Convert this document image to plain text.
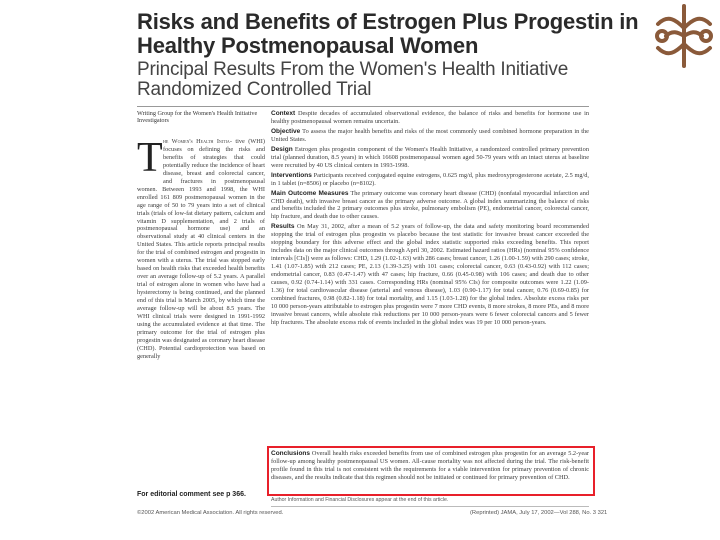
Risks and Benefits of Estrogen Plus Progestin in Healthy Postmenopausal Women
Principal Results From the Women's Health Initiative Randomized Controlled Trial
Writing Group for the Women's Health Initiative Investigators
T he Women's Health Initia- tive (WHI) focuses on defining the risks and benefits of strategies that could potentially reduce the incidence of heart disease, breast and colorectal cancer, and fractures in postmenopausal women. Between 1993 and 1998, the WHI enrolled 161 809 postmenopausal women in the age range of 50 to 79 years into a set of clinical trials (trials of low-fat dietary pattern, calcium and vitamin D supplementation, and 2 trials of postmenopausal hormone use) and an observational study at 40 clinical centers in the United States. This article reports principal results for the trial of combined estrogen and progestin in women with a uterus. The trial was stopped early based on health risks that exceeded health benefits over an average follow-up of 5.2 years. A parallel trial of estrogen alone in women who have had a hysterectomy is being continued, and the planned end of this trial is March 2005, by which time the average follow-up will be about 8.5 years. The WHI clinical trials were designed in 1991-1992 using the accumulated evidence at that time. The primary outcome for the trial of estrogen plus progestin was designated as coronary heart disease (CHD). Potential cardioprotection was based on generally
For editorial comment see p 366.
©2002 American Medical Association. All rights reserved.

Context Despite decades of accumulated observational evidence, the balance of risks and benefits for hormone use in healthy postmenopausal women remains uncertain.

Objective To assess the major health benefits and risks of the most commonly used combined hormone preparation in the United States.

Design Estrogen plus progestin component of the Women's Health Initiative, a randomized controlled primary prevention trial (planned duration, 8.5 years) in which 16608 postmenopausal women aged 50-79 years with an intact uterus at baseline were recruited by 40 US clinical centers in 1993-1998.

Interventions Participants received conjugated equine estrogens, 0.625 mg/d, plus medroxyprogesterone acetate, 2.5 mg/d, in 1 tablet (n=8506) or placebo (n=8102).

Main Outcome Measures The primary outcome was coronary heart disease (CHD) (nonfatal myocardial infarction and CHD death), with invasive breast cancer as the primary adverse outcome. A global index summarizing the balance of risks and benefits included the 2 primary outcomes plus stroke, pulmonary embolism (PE), endometrial cancer, colorectal cancer, hip fracture, and death due to other causes.

Results On May 31, 2002, after a mean of 5.2 years of follow-up, the data and safety monitoring board recommended stopping the trial of estrogen plus progestin vs placebo because the test statistic for invasive breast cancer exceeded the stopping boundary for this adverse effect and the global index statistic supported risks exceeding benefits. This report includes data on the major clinical outcomes through April 30, 2002. Estimated hazard ratios (HRs) (nominal 95% confidence intervals [CIs]) were as follows: CHD, 1.29 (1.02-1.63) with 286 cases; breast cancer, 1.26 (1.00-1.59) with 290 cases; stroke, 1.41 (1.07-1.85) with 212 cases; PE, 2.13 (1.39-3.25) with 101 cases; colorectal cancer, 0.63 (0.43-0.92) with 112 cases; endometrial cancer, 0.83 (0.47-1.47) with 47 cases; hip fracture, 0.66 (0.45-0.98) with 106 cases; and death due to other causes, 0.92 (0.74-1.14) with 331 cases. Corresponding HRs (nominal 95% CIs) for composite outcomes were 1.22 (1.09-1.36) for total cardiovascular disease (arterial and venous disease), 1.03 (0.90-1.17) for total cancer, 0.76 (0.69-0.85) for combined fractures, 0.98 (0.82-1.18) for total mortality, and 1.15 (1.03-1.28) for the global index. Absolute excess risks per 10 000 person-years attributable to estrogen plus progestin were 7 more CHD events, 8 more strokes, 8 more PEs, and 8 more invasive breast cancers, while absolute risk reductions per 10 000 person-years were 6 fewer colorectal cancers and 5 fewer hip fractures. The absolute excess risk of events included in the global index was 19 per 10 000 person-years.

Conclusions Overall health risks exceeded benefits from use of combined estrogen plus progestin for an average 5.2-year follow-up among healthy postmenopausal US women. All-cause mortality was not affected during the trial. The risk-benefit profile found in this trial is not consistent with the requirements for a viable intervention for primary prevention of chronic diseases, and the results indicate that this regimen should not be initiated or continued for primary prevention of CHD.
Author Information and Financial Disclosures appear at the end of this article.
(Reprinted) JAMA, July 17, 2002—Vol 288, No. 3 321
